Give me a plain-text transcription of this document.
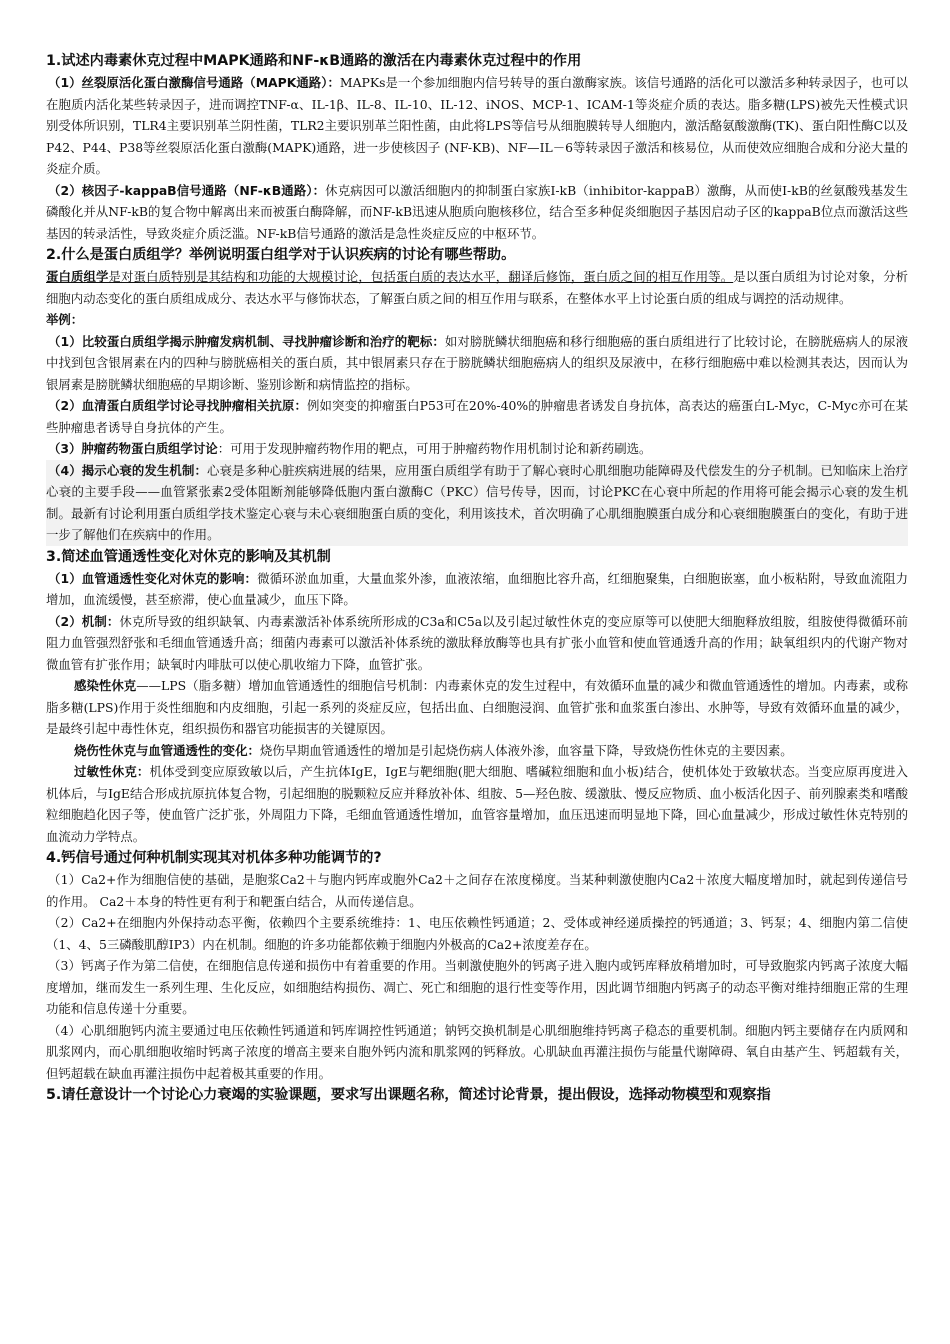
1.试述内毒素休克过程中MAPK通路和NF-κB通路的激活在内毒素休克过程中的作用

（1）丝裂原活化蛋白激酶信号通路（MAPK通路）：MAPKs是一个参加细胞内信号转导的蛋白激酶家族。该信号通路的活化可以激活多种转录因子，也可以在胞质内活化某些转录因子，进而调控TNF-α、IL-1β、IL-8、IL-10、IL-12、iNOS、MCP-1、ICAM-1等炎症介质的表达。脂多糖(LPS)被先天性模式识别受体所识别，TLR4主要识别革兰阴性菌，TLR2主要识别革兰阳性菌，由此将LPS等信号从细胞膜转导人细胞内，激活酪氨酸激酶(TK)、蛋白阳性酶C以及P42、P44、P38等丝裂原活化蛋白激酶(MAPK)通路，进一步使核因子 (NF-KB)、NF—IL－6等转录因子激活和核易位，从而使效应细胞合成和分泌大量的炎症介质。

（2）核因子-kappaB信号通路（NF-κB通路）：休克病因可以激活细胞内的抑制蛋白家族I-kB（inhibitor-kappaB）激酶，从而使I-kB的丝氨酸残基发生磷酸化并从NF-kB的复合物中解离出来而被蛋白酶降解，而NF-kB迅速从胞质向胞核移位，结合至多种促炎细胞因子基因启动子区的kappaB位点而激活这些基因的转录活性，导致炎症介质泛滥。NF-kB信号通路的激活是急性炎症反应的中枢环节。

2.什么是蛋白质组学？举例说明蛋白组学对于认识疾病的讨论有哪些帮助。

蛋白质组学是对蛋白质特别是其结构和功能的大规模讨论，包括蛋白质的表达水平，翻译后修饰，蛋白质之间的相互作用等。是以蛋白质组为讨论对象，分析细胞内动态变化的蛋白质组成成分、表达水平与修饰状态，了解蛋白质之间的相互作用与联系，在整体水平上讨论蛋白质的组成与调控的活动规律。

举例：

（1）比较蛋白质组学揭示肿瘤发病机制、寻找肿瘤诊断和治疗的靶标：如对膀胱鳞状细胞癌和移行细胞癌的蛋白质组进行了比较讨论，在膀胱癌病人的尿液中找到包含银屑素在内的四种与膀胱癌相关的蛋白质，其中银屑素只存在于膀胱鳞状细胞癌病人的组织及尿液中，在移行细胞癌中难以检测其表达，因而认为银屑素是膀胱鳞状细胞癌的早期诊断、鉴别诊断和病情监控的指标。

（2）血清蛋白质组学讨论寻找肿瘤相关抗原：例如突变的抑瘤蛋白P53可在20%-40%的肿瘤患者诱发自身抗体，高表达的癌蛋白L-Myc，C-Myc亦可在某些肿瘤患者诱导自身抗体的产生。

（3）肿瘤药物蛋白质组学讨论：可用于发现肿瘤药物作用的靶点，可用于肿瘤药物作用机制讨论和新药刷选。

（4）揭示心衰的发生机制：心衰是多种心脏疾病进展的结果，应用蛋白质组学有助于了解心衰时心肌细胞功能障碍及代偿发生的分子机制。已知临床上治疗心衰的主要手段——血管紧张素2受体阻断剂能够降低胞内蛋白激酶C（PKC）信号传导，因而，讨论PKC在心衰中所起的作用将可能会揭示心衰的发生机制。最新有讨论利用蛋白质组学技术鉴定心衰与未心衰细胞蛋白质的变化，利用该技术，首次明确了心肌细胞膜蛋白成分和心衰细胞膜蛋白的变化，有助于进一步了解他们在疾病中的作用。

3.简述血管通透性变化对休克的影响及其机制

（1）血管通透性变化对休克的影响：微循环淤血加重，大量血浆外渗，血液浓缩，血细胞比容升高，红细胞聚集，白细胞嵌塞，血小板粘附，导致血流阻力增加，血流缓慢，甚至瘀滞，使心血量减少，血压下降。

（2）机制：休克所导致的组织缺氧、内毒素激活补体系统所形成的C3a和C5a以及引起过敏性休克的变应原等可以使肥大细胞释放组胺，组胺使得微循环前阻力血管强烈舒张和毛细血管通透升高；细菌内毒素可以激活补体系统的激肽释放酶等也具有扩张小血管和使血管通透升高的作用；缺氧组织内的代谢产物对微血管有扩张作用；缺氧时内啡肽可以使心肌收缩力下降，血管扩张。

感染性休克——LPS（脂多糖）增加血管通透性的细胞信号机制：内毒素休克的发生过程中，有效循环血量的减少和微血管通透性的增加。内毒素，或称脂多糖(LPS)作用于炎性细胞和内皮细胞，引起一系列的炎症反应，包括出血、白细胞浸润、血管扩张和血浆蛋白渗出、水肿等，导致有效循环血量的减少，是最终引起中毒性休克，组织损伤和器官功能损害的关键原因。

烧伤性休克与血管通透性的变化：烧伤早期血管通透性的增加是引起烧伤病人体液外渗，血容量下降，导致烧伤性休克的主要因素。

过敏性休克：机体受到变应原致敏以后，产生抗体IgE，IgE与靶细胞(肥大细胞、嗜碱粒细胞和血小板)结合，使机体处于致敏状态。当变应原再度进入机体后，与IgE结合形成抗原抗体复合物，引起细胞的脱颗粒反应并释放补体、组胺、5—羟色胺、缓激肽、慢反应物质、血小板活化因子、前列腺素类和嗜酸粒细胞趋化因子等，使血管广泛扩张，外周阻力下降，毛细血管通透性增加，血管容量增加，血压迅速而明显地下降，回心血量减少，形成过敏性休克特别的血流动力学特点。

4.钙信号通过何种机制实现其对机体多种功能调节的?

（1）Ca2+作为细胞信使的基础，是胞浆Ca2＋与胞内钙库或胞外Ca2＋之间存在浓度梯度。当某种刺激使胞内Ca2＋浓度大幅度增加时，就起到传递信号的作用。 Ca2＋本身的特性更有利于和靶蛋白结合，从而传递信息。

（2）Ca2+在细胞内外保持动态平衡，依赖四个主要系统维持：1、电压依赖性钙通道；2、受体或神经递质操控的钙通道；3、钙泵；4、细胞内第二信使（1、4、5三磷酸肌醇IP3）内在机制。细胞的许多功能都依赖于细胞内外极高的Ca2+浓度差存在。

（3）钙离子作为第二信使，在细胞信息传递和损伤中有着重要的作用。当刺激使胞外的钙离子进入胞内或钙库释放稍增加时，可导致胞浆内钙离子浓度大幅度增加，继而发生一系列生理、生化反应，如细胞结构损伤、凋亡、死亡和细胞的退行性变等作用，因此调节细胞内钙离子的动态平衡对维持细胞正常的生理功能和信息传递十分重要。

（4）心肌细胞钙内流主要通过电压依赖性钙通道和钙库调控性钙通道；钠钙交换机制是心肌细胞维持钙离子稳态的重要机制。细胞内钙主要储存在内质网和肌浆网内，而心肌细胞收缩时钙离子浓度的增高主要来自胞外钙内流和肌浆网的钙释放。心肌缺血再灌注损伤与能量代谢障碍、氧自由基产生、钙超载有关，但钙超载在缺血再灌注损伤中起着极其重要的作用。

5.请任意设计一个讨论心力衰竭的实验课题，要求写出课题名称，简述讨论背景，提出假设，选择动物模型和观察指
